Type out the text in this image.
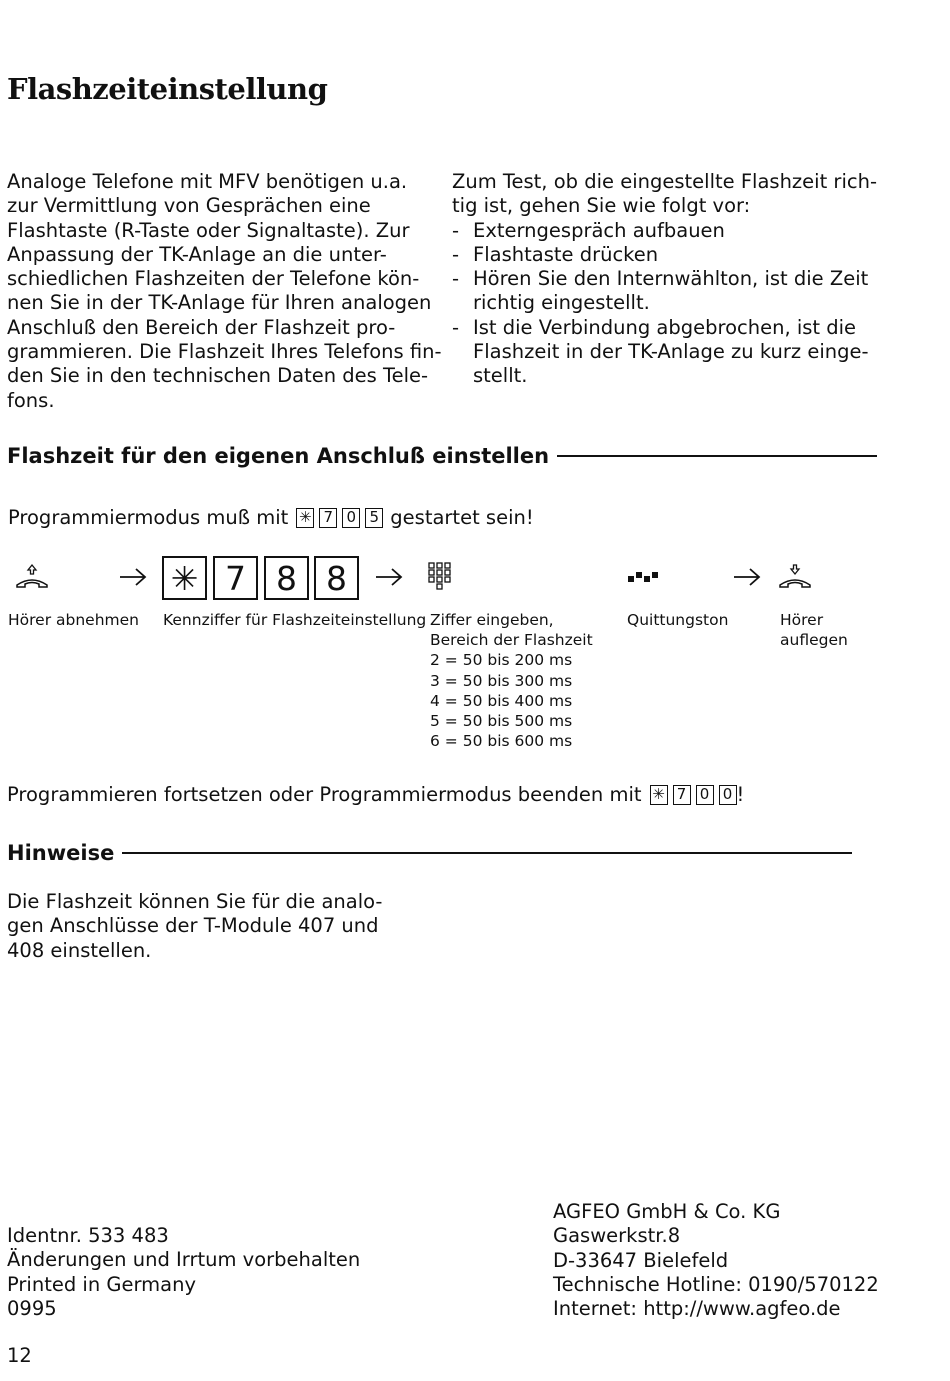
Flashzeiteinstellung
Analoge Telefone mit MFV benötigen u.a.
zur Vermittlung von Gesprächen eine
Flashtaste (R-Taste oder Signaltaste). Zur
Anpassung der TK-Anlage an die unter-
schiedlichen Flashzeiten der Telefone kön-
nen Sie in der TK-Anlage für Ihren analogen
Anschluß den Bereich der Flashzeit pro-
grammieren. Die Flashzeit Ihres Telefons fin-
den Sie in den technischen Daten des Tele-
fons.
Zum Test, ob die eingestellte Flashzeit rich-
tig ist, gehen Sie wie folgt vor:
- Externgespräch aufbauen
- Flashtaste drücken
- Hören Sie den Internwählton, ist die Zeit
richtig eingestellt.
- Ist die Verbindung abgebrochen, ist die
Flashzeit in der TK-Anlage zu kurz einge-
stellt.
Flashzeit für den eigenen Anschluß einstellen
Programmiermodus muß mit ✳ 7 0 5 gestartet sein!
✳ 7 8 8
Hörer abnehmen Kennziffer für Flashzeiteinstellung Ziffer eingeben,
Bereich der Flashzeit
2 = 50 bis 200 ms
3 = 50 bis 300 ms
4 = 50 bis 400 ms
5 = 50 bis 500 ms
6 = 50 bis 600 ms
Quittungston	Hörer
auflegen
Programmieren fortsetzen oder Programmiermodus beenden mit ✳ 7 0 0 !
Hinweise
Die Flashzeit können Sie für die analo-
gen Anschlüsse der T-Module 407 und
408 einstellen.
Identnr. 533 483
Änderungen und Irrtum vorbehalten
Printed in Germany
0995
AGFEO GmbH & Co. KG
Gaswerkstr.8
D-33647 Bielefeld
Technische Hotline: 0190/570122
Internet: http://www.agfeo.de
12
